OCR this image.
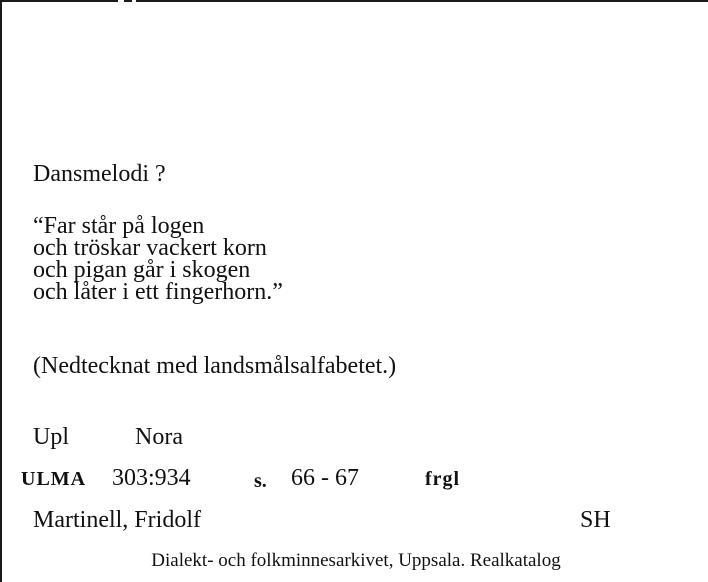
Dansmelodi ?
“Far står på logen
och tröskar vackert korn
och pigan går i skogen
och låter i ett fingerhorn.”
(Nedtecknat med landsmålsalfabetet.)
Upl	Nora
ULMA 303:934	s. 66 - 67	frgl
Martinell, Fridolf	SH
Dialekt- och folkminnesarkivet, Uppsala. Realkatalog
